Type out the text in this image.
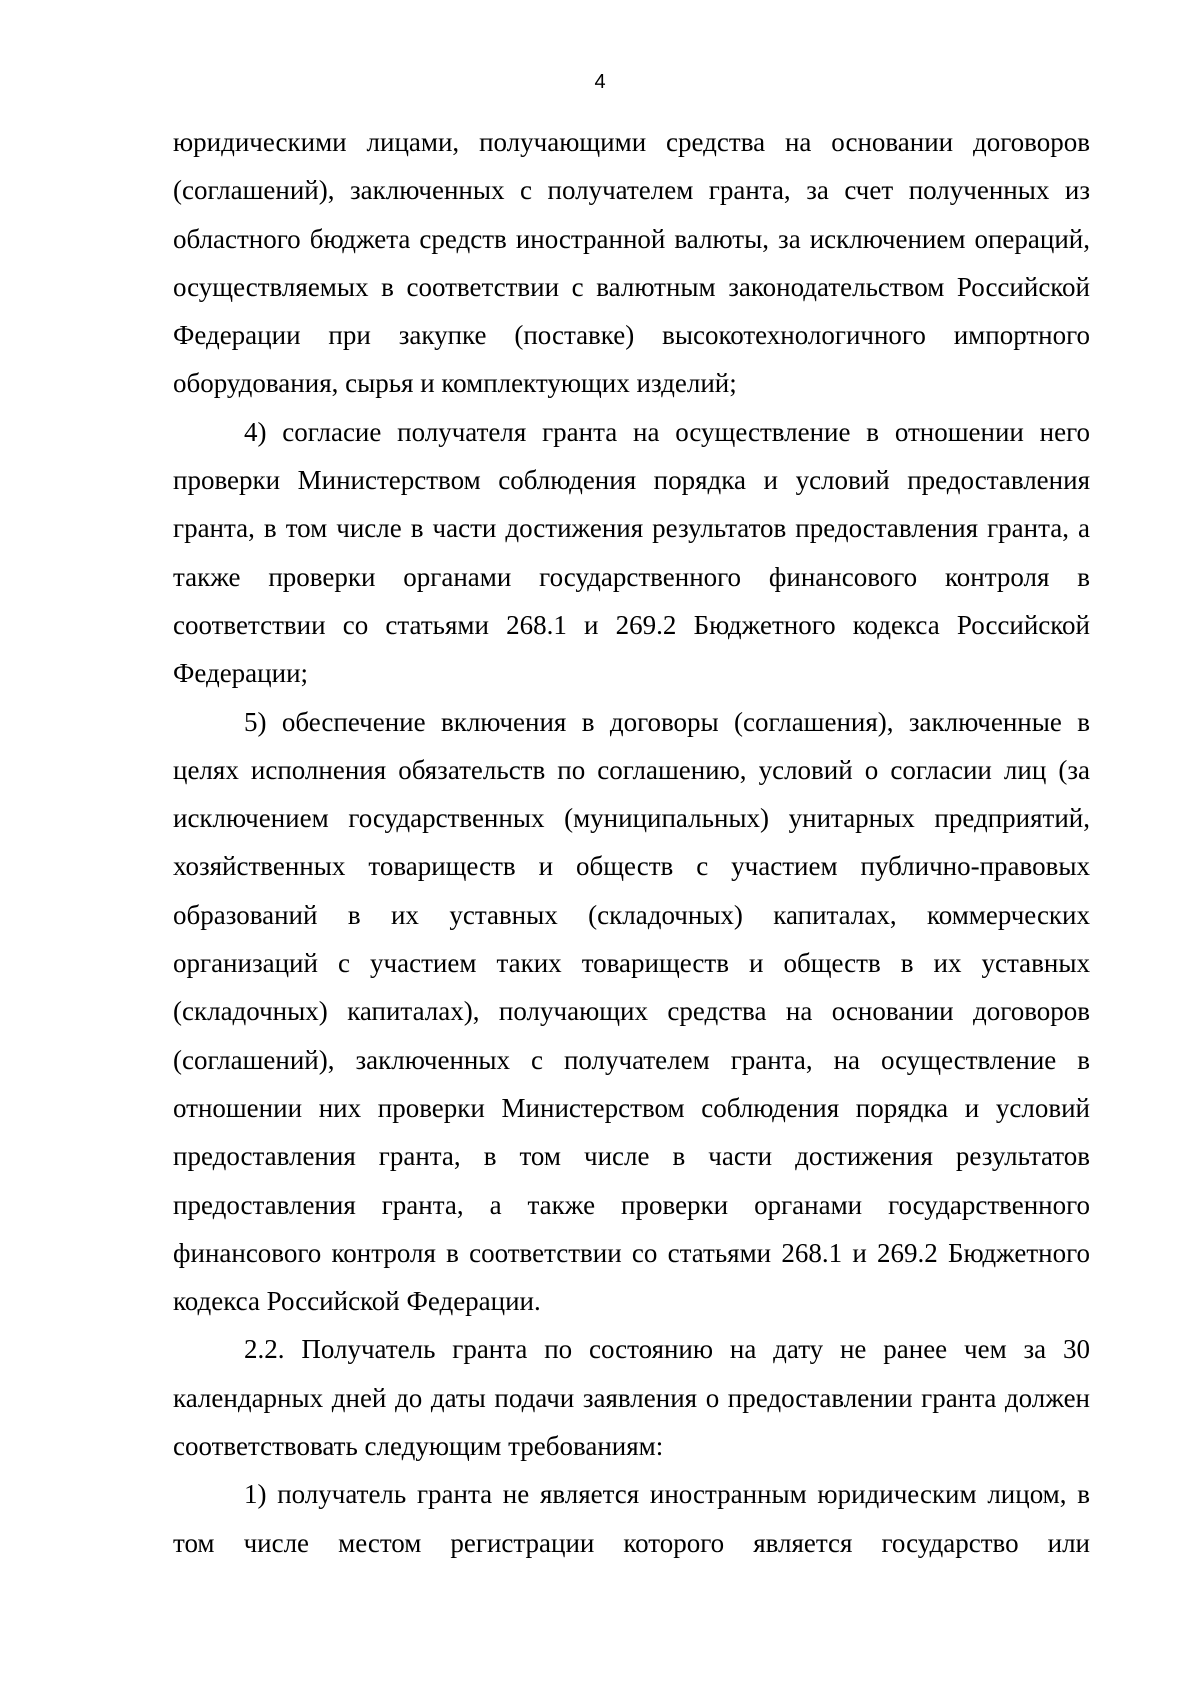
4

юридическими лицами, получающими средства на основании договоров (соглашений), заключенных с получателем гранта, за счет полученных из областного бюджета средств иностранной валюты, за исключением операций, осуществляемых в соответствии с валютным законодательством Российской Федерации при закупке (поставке) высокотехнологичного импортного оборудования, сырья и комплектующих изделий;

4) согласие получателя гранта на осуществление в отношении него проверки Министерством соблюдения порядка и условий предоставления гранта, в том числе в части достижения результатов предоставления гранта, а также проверки органами государственного финансового контроля в соответствии со статьями 268.1 и 269.2 Бюджетного кодекса Российской Федерации;

5) обеспечение включения в договоры (соглашения), заключенные в целях исполнения обязательств по соглашению, условий о согласии лиц (за исключением государственных (муниципальных) унитарных предприятий, хозяйственных товариществ и обществ с участием публично-правовых образований в их уставных (складочных) капиталах, коммерческих организаций с участием таких товариществ и обществ в их уставных (складочных) капиталах), получающих средства на основании договоров (соглашений), заключенных с получателем гранта, на осуществление в отношении них проверки Министерством соблюдения порядка и условий предоставления гранта, в том числе в части достижения результатов предоставления гранта, а также проверки органами государственного финансового контроля в соответствии со статьями 268.1 и 269.2 Бюджетного кодекса Российской Федерации.

2.2. Получатель гранта по состоянию на дату не ранее чем за 30 календарных дней до даты подачи заявления о предоставлении гранта должен соответствовать следующим требованиям:

1) получатель гранта не является иностранным юридическим лицом, в том числе местом регистрации которого является государство или
